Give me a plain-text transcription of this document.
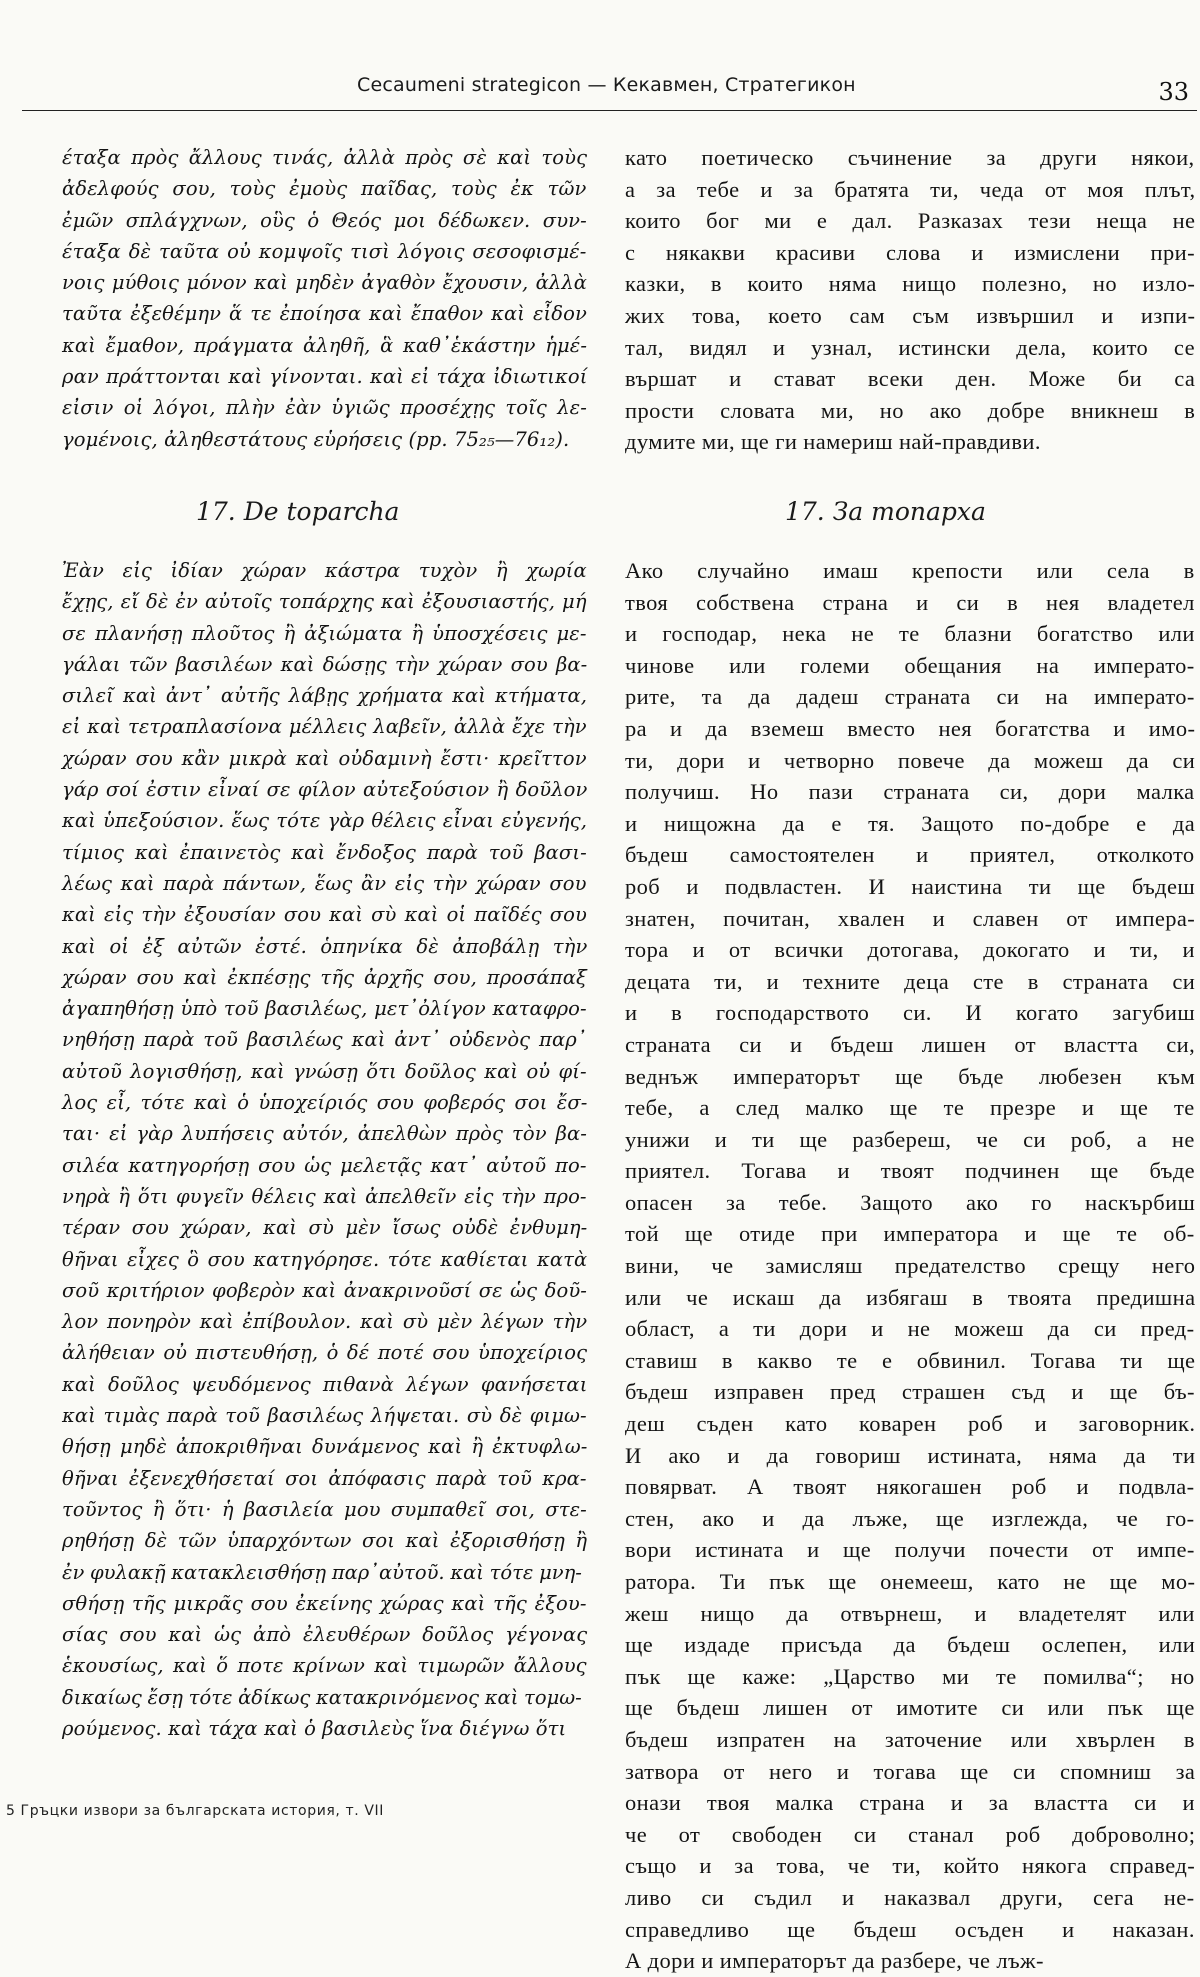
Cecaumeni strategicon — Кекавмен, Стратегикон	33
έταξα πρὸς ἄλλους τινάς, ἀλλὰ πρὸς σὲ καὶ τοὺς
ἀδελφούς σου, τοὺς ἐμοὺς παῖδας, τοὺς ἐκ τῶν
ἐμῶν σπλάγχνων, οὓς ὁ Θεός μοι δέδωκεν. συν-
έταξα δὲ ταῦτα οὐ κομψοῖς τισὶ λόγοις σεσοφισμέ-
νοις μύθοις μόνον καὶ μηδὲν ἀγαθὸν ἔχουσιν, ἀλλὰ
ταῦτα ἐξεθέμην ἅ τε ἐποίησα καὶ ἔπαθον καὶ εἶδον
καὶ ἔμαθον, πράγματα ἀληθῆ, ἃ καθ᾽ἑκάστην ἡμέ-
ραν πράττονται καὶ γίνονται. καὶ εἰ τάχα ἰδιωτικοί
εἰσιν οἱ λόγοι, πλὴν ἐὰν ὑγιῶς προσέχῃς τοῖς λε-
γομένοις, ἀληθεστάτους εὑρήσεις (pp. 75₂₅—76₁₂).
17. De toparcha
Ἐὰν εἰς ἰδίαν χώραν κάστρα τυχὸν ἢ χωρία
ἔχῃς, εἴ δὲ ἐν αὐτοῖς τοπάρχης καὶ ἐξουσιαστής, μή
σε πλανήσῃ πλοῦτος ἢ ἀξιώματα ἢ ὑποσχέσεις με-
γάλαι τῶν βασιλέων καὶ δώσῃς τὴν χώραν σου βα-
σιλεῖ καὶ ἀντ᾽ αὐτῆς λάβῃς χρήματα καὶ κτήματα,
εἰ καὶ τετραπλασίονα μέλλεις λαβεῖν, ἀλλὰ ἔχε τὴν
χώραν σου κἂν μικρὰ καὶ οὐδαμινὴ ἔστι· κρεῖττον
γάρ σοί ἐστιν εἶναί σε φίλον αὐτεξούσιον ἢ δοῦλον
καὶ ὑπεξούσιον. ἕως τότε γὰρ θέλεις εἶναι εὐγενής,
τίμιος καὶ ἐπαινετὸς καὶ ἔνδοξος παρὰ τοῦ βασι-
λέως καὶ παρὰ πάντων, ἕως ἂν εἰς τὴν χώραν σου
καὶ εἰς τὴν ἐξουσίαν σου καὶ σὺ καὶ οἱ παῖδές σου
καὶ οἱ ἐξ αὐτῶν ἐστέ. ὁπηνίκα δὲ ἀποβάλῃ τὴν
χώραν σου καὶ ἐκπέσῃς τῆς ἀρχῆς σου, προσάπαξ
ἀγαπηθήσῃ ὑπὸ τοῦ βασιλέως, μετ᾽ὀλίγον καταφρο-
νηθήσῃ παρὰ τοῦ βασιλέως καὶ ἀντ᾽ οὐδενὸς παρ᾽
αὐτοῦ λογισθήσῃ, καὶ γνώσῃ ὅτι δοῦλος καὶ οὐ φί-
λος εἶ, τότε καὶ ὁ ὑποχείριός σου φοβερός σοι ἔσ-
ται· εἰ γὰρ λυπήσεις αὐτόν, ἀπελθὼν πρὸς τὸν βα-
σιλέα κατηγορήσῃ σου ὡς μελετᾷς κατ᾽ αὐτοῦ πο-
νηρὰ ἢ ὅτι φυγεῖν θέλεις καὶ ἀπελθεῖν εἰς τὴν προ-
τέραν σου χώραν, καὶ σὺ μὲν ἴσως οὐδὲ ἐνθυμη-
θῆναι εἶχες ὃ σου κατηγόρησε. τότε καθίεται κατὰ
σοῦ κριτήριον φοβερὸν καὶ ἀνακρινοῦσί σε ὡς δοῦ-
λον πονηρὸν καὶ ἐπίβουλον. καὶ σὺ μὲν λέγων τὴν
ἀλήθειαν οὐ πιστευθήσῃ, ὁ δέ ποτέ σου ὑποχείριος
καὶ δοῦλος ψευδόμενος πιθανὰ λέγων φανήσεται
καὶ τιμὰς παρὰ τοῦ βασιλέως λήψεται. σὺ δὲ φιμω-
θήσῃ μηδὲ ἀποκριθῆναι δυνάμενος καὶ ἢ ἐκτυφλω-
θῆναι ἐξενεχθήσεταί σοι ἀπόφασις παρὰ τοῦ κρα-
τοῦντος ἢ ὅτι· ἡ βασιλεία μου συμπαθεῖ σοι, στε-
ρηθήσῃ δὲ τῶν ὑπαρχόντων σοι καὶ ἐξορισθήσῃ ἢ
ἐν φυλακῇ κατακλεισθήσῃ παρ᾽αὐτοῦ. καὶ τότε μνη-
σθήσῃ τῆς μικρᾶς σου ἐκείνης χώρας καὶ τῆς ἐξου-
σίας σου καὶ ὡς ἀπὸ ἐλευθέρων δοῦλος γέγονας
ἑκουσίως, καὶ ὅ ποτε κρίνων καὶ τιμωρῶν ἄλλους
δικαίως ἔσῃ τότε ἀδίκως κατακρινόμενος καὶ τομω-
ρούμενος. καὶ τάχα καὶ ὁ βασιλεὺς ἵνα διέγνω ὅτι
като поетическо съчинение за други някои,
а за тебе и за братята ти, чеда от моя плът,
които бог ми е дал. Разказах тези неща не
с някакви красиви слова и измислени при-
казки, в които няма нищо полезно, но изло-
жих това, което сам съм извършил и изпи-
тал, видял и узнал, истински дела, които се
вършат и стават всеки ден. Може би са
прости словата ми, но ако добре вникнеш в
думите ми, ще ги намериш най-правдиви.
17. За топарха
Ако случайно имаш крепости или села в
твоя собствена страна и си в нея владетел
и господар, нека не те блазни богатство или
чинове или големи обещания на императо-
рите, та да дадеш страната си на императо-
ра и да вземеш вместо нея богатства и имо-
ти, дори и четворно повече да можеш да си
получиш. Но пази страната си, дори малка
и нищожна да е тя. Защото по-добре е да
бъдеш самостоятелен и приятел, отколкото
роб и подвластен. И наистина ти ще бъдеш
знатен, почитан, хвален и славен от импера-
тора и от всички дотогава, докогато и ти, и
децата ти, и техните деца сте в страната си
и в господарството си. И когато загубиш
страната си и бъдеш лишен от властта си,
веднъж императорът ще бъде любезен към
тебе, а след малко ще те презре и ще те
унижи и ти ще разбереш, че си роб, а не
приятел. Тогава и твоят подчинен ще бъде
опасен за тебе. Защото ако го наскърбиш
той ще отиде при императора и ще те об-
вини, че замисляш предателство срещу него
или че искаш да избягаш в твоята предишна
област, а ти дори и не можеш да си пред-
ставиш в какво те е обвинил. Тогава ти ще
бъдеш изправен пред страшен съд и ще бъ-
деш съден като коварен роб и заговорник.
И ако и да говориш истината, няма да ти
повярват. А твоят някогашен роб и подвла-
стен, ако и да лъже, ще изглежда, че го-
вори истината и ще получи почести от импе-
ратора. Ти пък ще онемееш, като не ще мо-
жеш нищо да отвърнеш, и владетелят или
ще издаде присъда да бъдеш ослепен, или
пък ще каже: „Царство ми те помилва“; но
ще бъдеш лишен от имотите си или пък ще
бъдеш изпратен на заточение или хвърлен в
затвора от него и тогава ще си спомниш за
онази твоя малка страна и за властта си и
че от свободен си станал роб доброволно;
също и за това, че ти, който някога справед-
ливо си съдил и наказвал други, сега не-
справедливо ще бъдеш осъден и наказан.
А дори и императорът да разбере, че лъж-
5 Гръцки извори за българската история, т. VII
